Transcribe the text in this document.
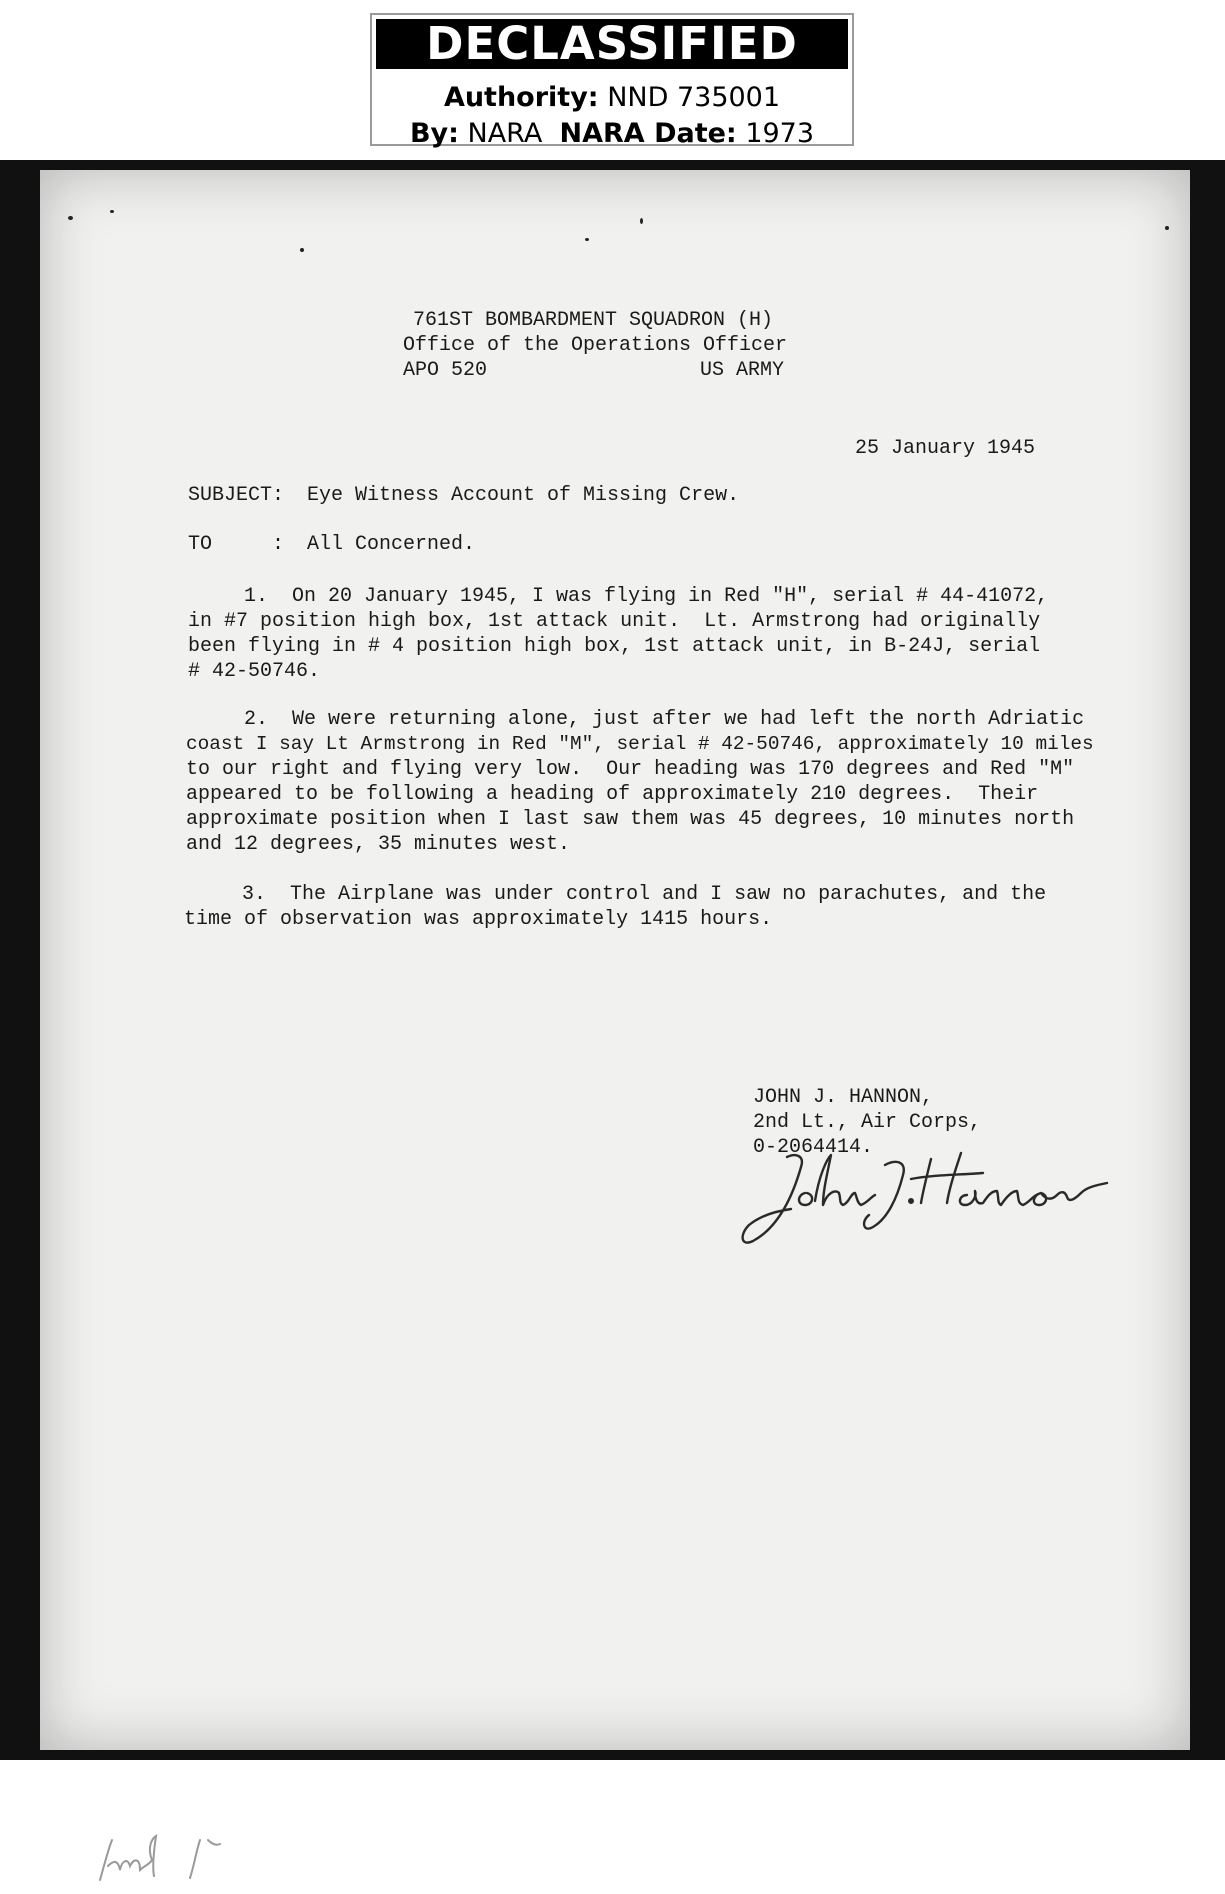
DECLASSIFIED
Authority: NND 735001
By: NARA NARA Date: 1973
761ST BOMBARDMENT SQUADRON (H)
Office of the Operations Officer
APO 520	US ARMY
25 January 1945
SUBJECT: Eye Witness Account of Missing Crew.
TO	: All Concerned.
1.  On 20 January 1945, I was flying in Red "H", serial # 44-41072,
in #7 position high box, 1st attack unit.  Lt. Armstrong had originally
been flying in # 4 position high box, 1st attack unit, in B-24J, serial
# 42-50746.
2.  We were returning alone, just after we had left the north Adriatic
coast I say Lt Armstrong in Red "M", serial # 42-50746, approximately 10 miles
to our right and flying very low.  Our heading was 170 degrees and Red "M"
appeared to be following a heading of approximately 210 degrees.  Their
approximate position when I last saw them was 45 degrees, 10 minutes north
and 12 degrees, 35 minutes west.
3.  The Airplane was under control and I saw no parachutes, and the
time of observation was approximately 1415 hours.
JOHN J. HANNON,
2nd Lt., Air Corps,
0-2064414.
